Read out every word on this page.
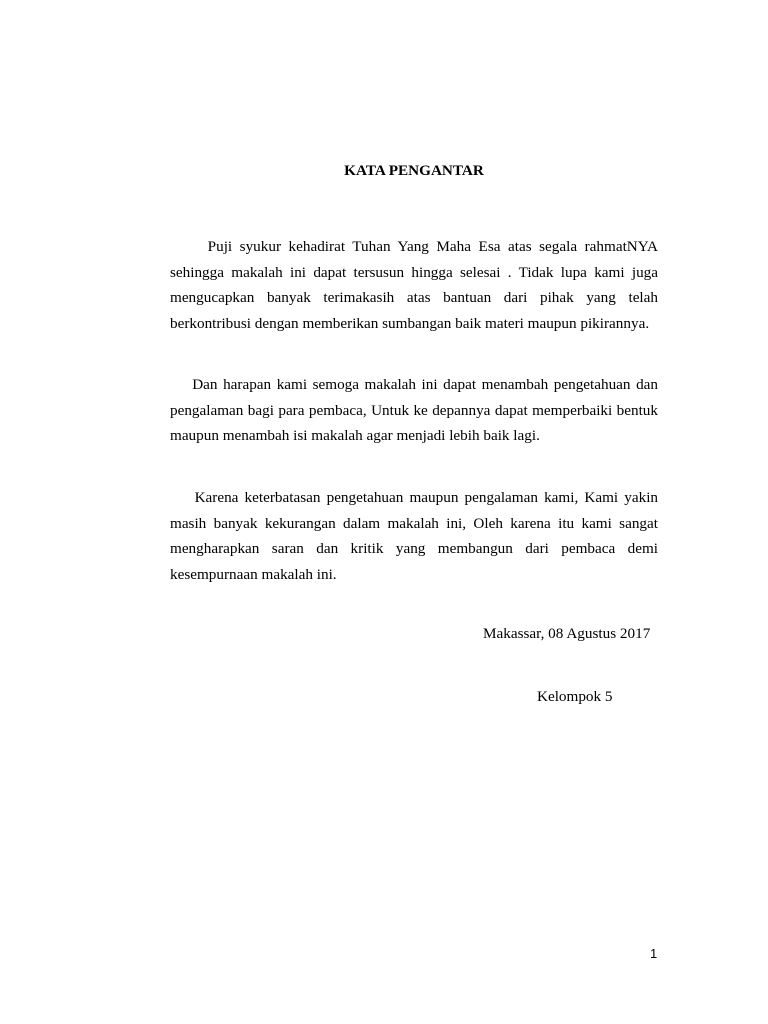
KATA PENGANTAR

Puji syukur kehadirat Tuhan Yang Maha Esa atas segala rahmatNYA sehingga makalah ini dapat tersusun hingga selesai . Tidak lupa kami juga mengucapkan banyak terimakasih atas bantuan dari pihak yang telah berkontribusi dengan memberikan sumbangan baik materi maupun pikirannya.

Dan harapan kami semoga makalah ini dapat menambah pengetahuan dan pengalaman bagi para pembaca, Untuk ke depannya dapat memperbaiki bentuk maupun menambah isi makalah agar menjadi lebih baik lagi.

Karena keterbatasan pengetahuan maupun pengalaman kami, Kami yakin masih banyak kekurangan dalam makalah ini, Oleh karena itu kami sangat mengharapkan saran dan kritik yang membangun dari pembaca demi kesempurnaan makalah ini.

Makassar, 08 Agustus 2017

Kelompok 5

1
